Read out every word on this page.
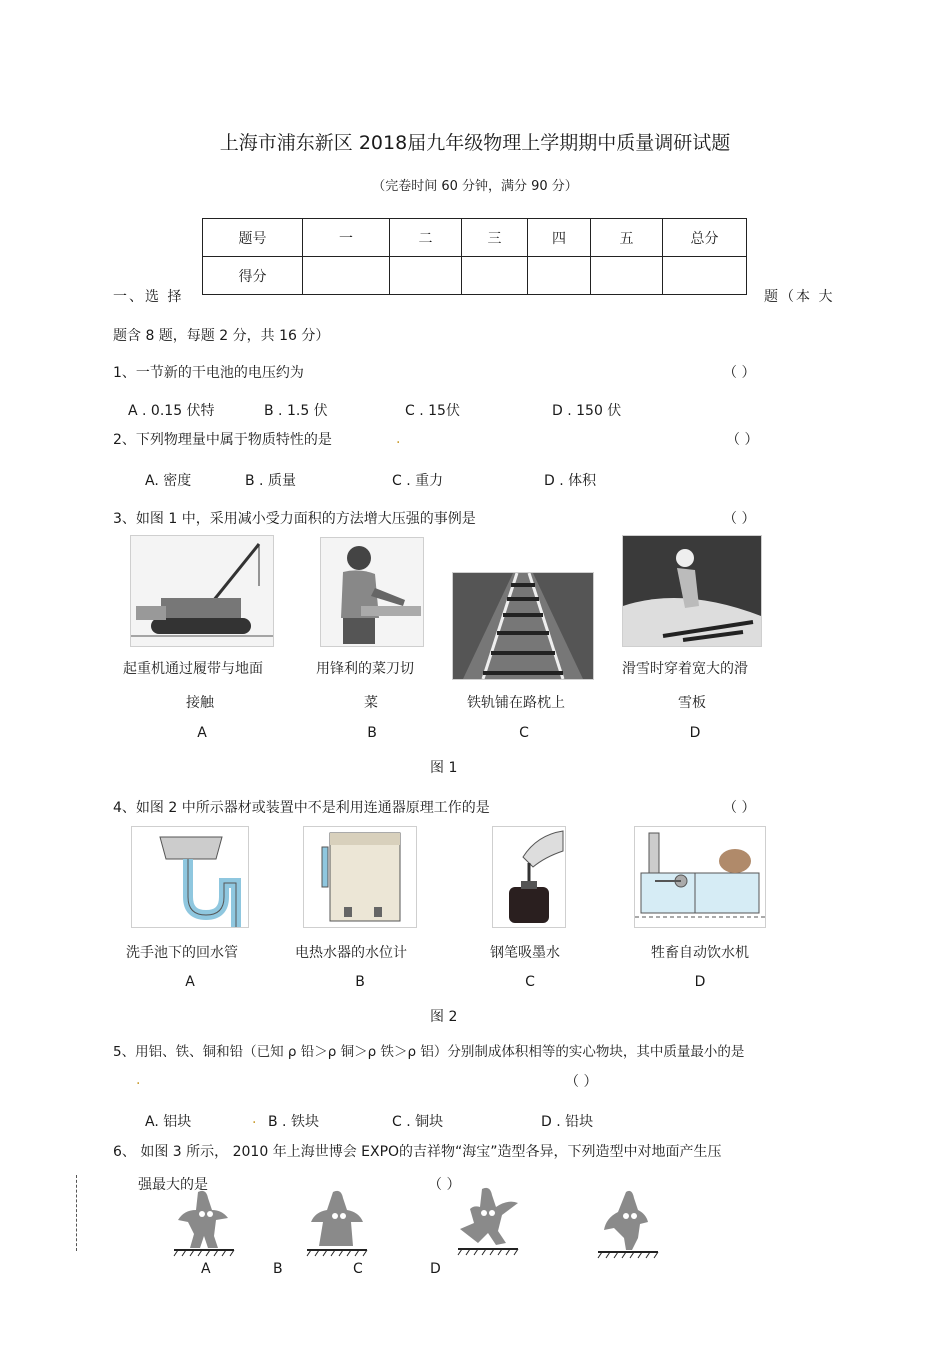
上海市浦东新区 2018届九年级物理上学期期中质量调研试题
（完卷时间 60 分钟，满分 90 分）
题号	一	二	三	四	五	总分
得分						
一、选 择	题（本 大
题含 8 题，每题 2 分，共 16 分）
1、一节新的干电池的电压约为	（ ）
A . 0.15 伏特	B . 1.5 伏	C . 15伏	D . 150 伏
2、下列物理量中属于物质特性的是	.	（ ）
A. 密度	B . 质量	C . 重力	D . 体积
3、如图 1 中，采用减小受力面积的方法增大压强的事例是	（ ）
起重机通过履带与地面
接触
A
用锋利的菜刀切
菜
B
铁轨铺在路枕上
C
滑雪时穿着宽大的滑
雪板
D
图 1
4、如图 2 中所示器材或装置中不是利用连通器原理工作的是	（ ）
洗手池下的回水管
A
电热水器的水位计
B
钢笔吸墨水
C
牲畜自动饮水机
D
图 2
5、用铝、铁、铜和铅（已知 ρ 铅＞ρ 铜＞ρ 铁＞ρ 铝）分别制成体积相等的实心物块，其中质量最小的是
.	（ ）
A. 铝块	. B . 铁块	C . 铜块	D . 铅块
6、 如图 3 所示， 2010 年上海世博会 EXPO的吉祥物“海宝”造型各异，下列造型中对地面产生压
强最大的是	（ ）
A	B	C	D
